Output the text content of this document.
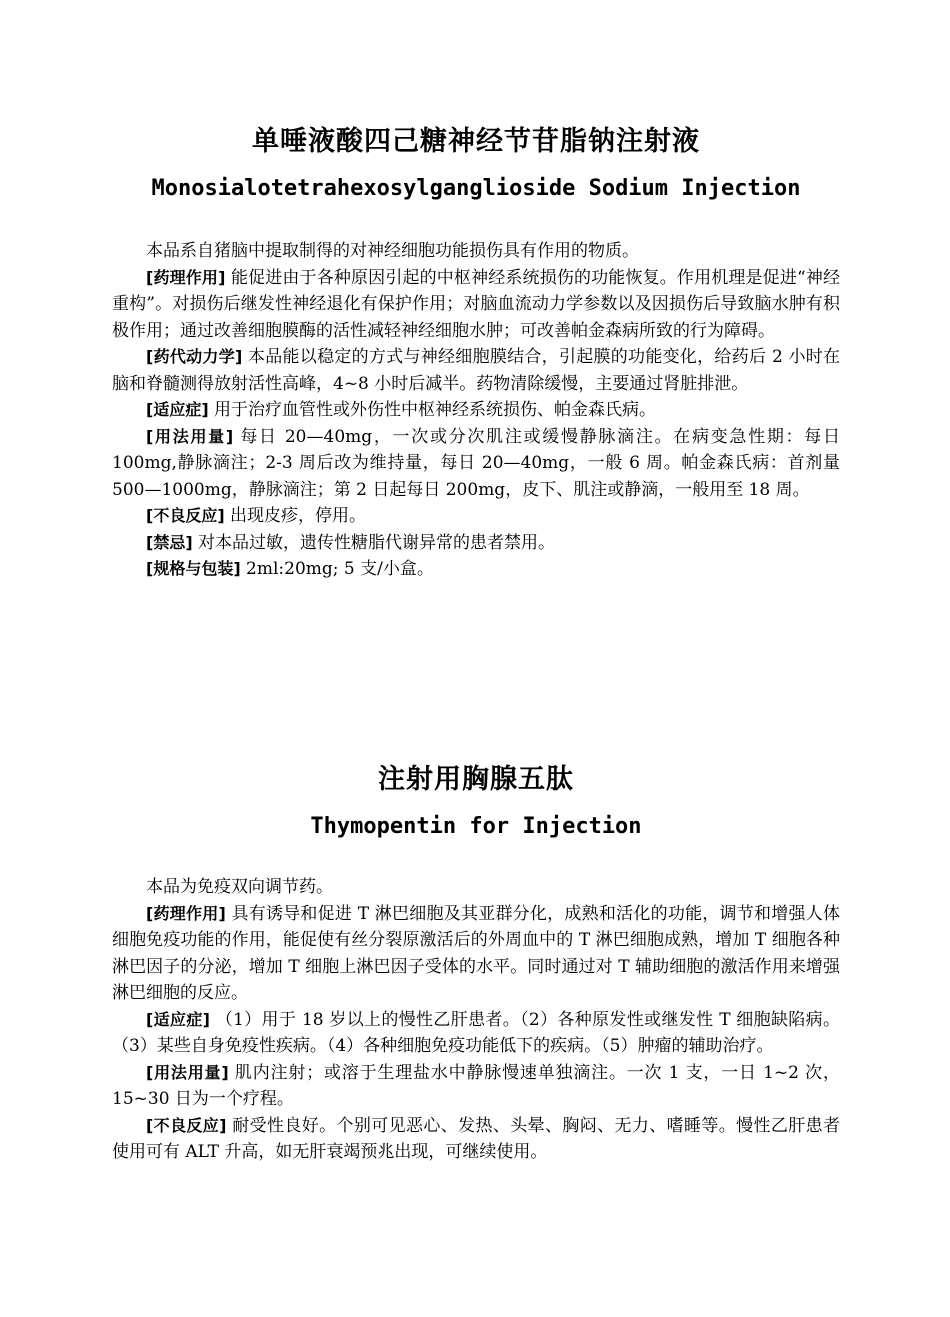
单唾液酸四己糖神经节苷脂钠注射液
Monosialotetrahexosylganglioside Sodium Injection

本品系自猪脑中提取制得的对神经细胞功能损伤具有作用的物质。

[药理作用] 能促进由于各种原因引起的中枢神经系统损伤的功能恢复。作用机理是促进“神经重构”。对损伤后继发性神经退化有保护作用；对脑血流动力学参数以及因损伤后导致脑水肿有积极作用；通过改善细胞膜酶的活性减轻神经细胞水肿；可改善帕金森病所致的行为障碍。

[药代动力学] 本品能以稳定的方式与神经细胞膜结合，引起膜的功能变化，给药后 2 小时在脑和脊髓测得放射活性高峰，4~8 小时后减半。药物清除缓慢，主要通过肾脏排泄。

[适应症] 用于治疗血管性或外伤性中枢神经系统损伤、帕金森氏病。

[用法用量] 每日 20—40mg，一次或分次肌注或缓慢静脉滴注。在病变急性期：每日 100mg,静脉滴注；2-3 周后改为维持量，每日 20—40mg，一般 6 周。帕金森氏病：首剂量 500—1000mg，静脉滴注；第 2 日起每日 200mg，皮下、肌注或静滴，一般用至 18 周。

[不良反应] 出现皮疹，停用。

[禁忌] 对本品过敏，遗传性糖脂代谢异常的患者禁用。

[规格与包装] 2ml:20mg; 5 支/小盒。

注射用胸腺五肽
Thymopentin for Injection

本品为免疫双向调节药。

[药理作用] 具有诱导和促进 T 淋巴细胞及其亚群分化，成熟和活化的功能，调节和增强人体细胞免疫功能的作用，能促使有丝分裂原激活后的外周血中的 T 淋巴细胞成熟，增加 T 细胞各种淋巴因子的分泌，增加 T 细胞上淋巴因子受体的水平。同时通过对 T 辅助细胞的激活作用来增强淋巴细胞的反应。

[适应症] （1）用于 18 岁以上的慢性乙肝患者。（2）各种原发性或继发性 T 细胞缺陷病。（3）某些自身免疫性疾病。（4）各种细胞免疫功能低下的疾病。（5）肿瘤的辅助治疗。

[用法用量] 肌内注射；或溶于生理盐水中静脉慢速单独滴注。一次 1 支，一日 1~2 次，15~30 日为一个疗程。

[不良反应] 耐受性良好。个别可见恶心、发热、头晕、胸闷、无力、嗜睡等。慢性乙肝患者使用可有 ALT 升高，如无肝衰竭预兆出现，可继续使用。
